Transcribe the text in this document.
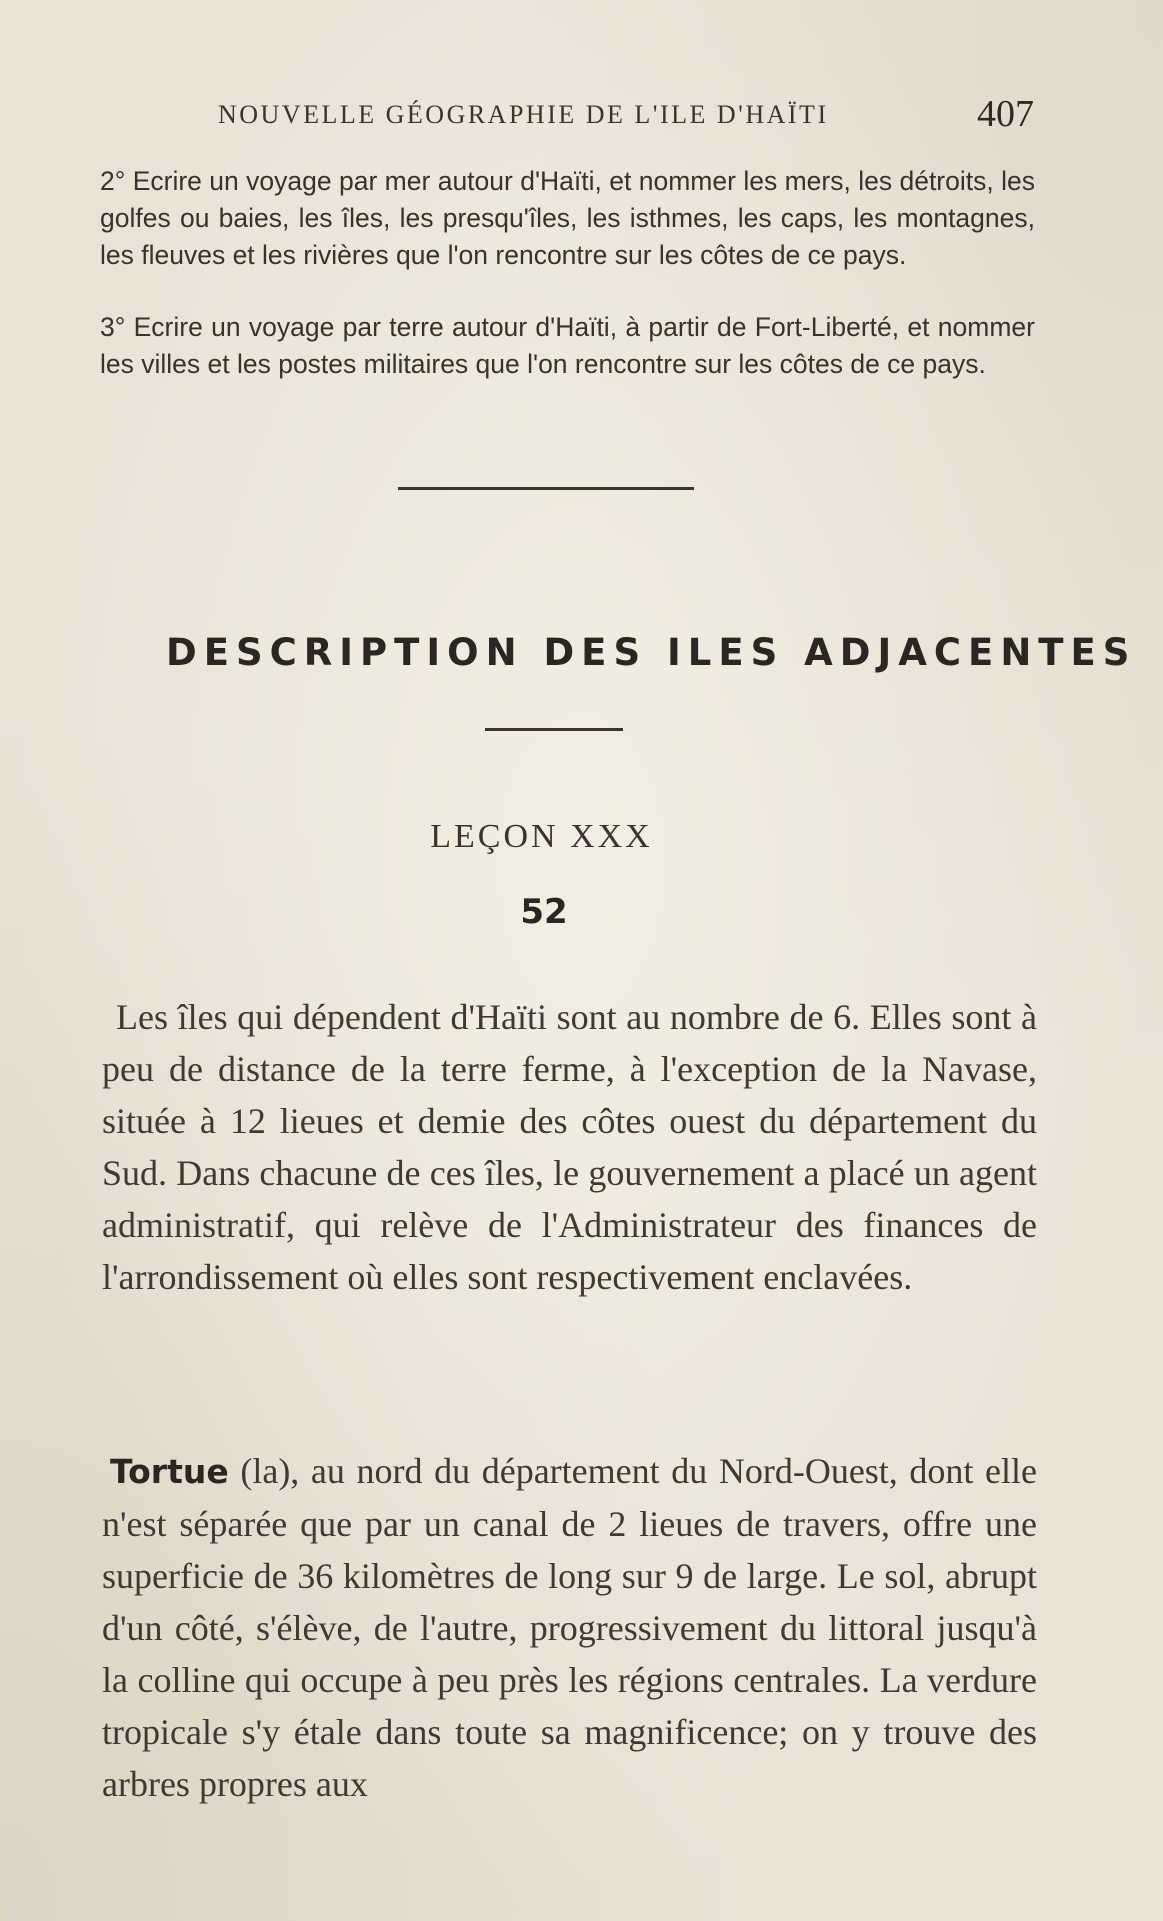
NOUVELLE GÉOGRAPHIE DE L'ILE D'HAÏTI	407

2° Ecrire un voyage par mer autour d'Haïti, et nommer les mers, les détroits, les golfes ou baies, les îles, les presqu'îles, les isthmes, les caps, les montagnes, les fleuves et les rivières que l'on rencontre sur les côtes de ce pays.

3° Ecrire un voyage par terre autour d'Haïti, à partir de Fort-Liberté, et nommer les villes et les postes militaires que l'on rencontre sur les côtes de ce pays.

DESCRIPTION DES ILES ADJACENTES
LEÇON XXX
52

Les îles qui dépendent d'Haïti sont au nombre de 6. Elles sont à peu de distance de la terre ferme, à l'exception de la Navase, située à 12 lieues et demie des côtes ouest du département du Sud. Dans chacune de ces îles, le gouvernement a placé un agent administratif, qui relève de l'Administrateur des finances de l'arrondissement où elles sont respectivement enclavées.

Tortue (la), au nord du département du Nord-Ouest, dont elle n'est séparée que par un canal de 2 lieues de travers, offre une superficie de 36 kilomètres de long sur 9 de large. Le sol, abrupt d'un côté, s'élève, de l'autre, progressivement du littoral jusqu'à la colline qui occupe à peu près les régions centrales. La verdure tropicale s'y étale dans toute sa magnificence; on y trouve des arbres propres aux
